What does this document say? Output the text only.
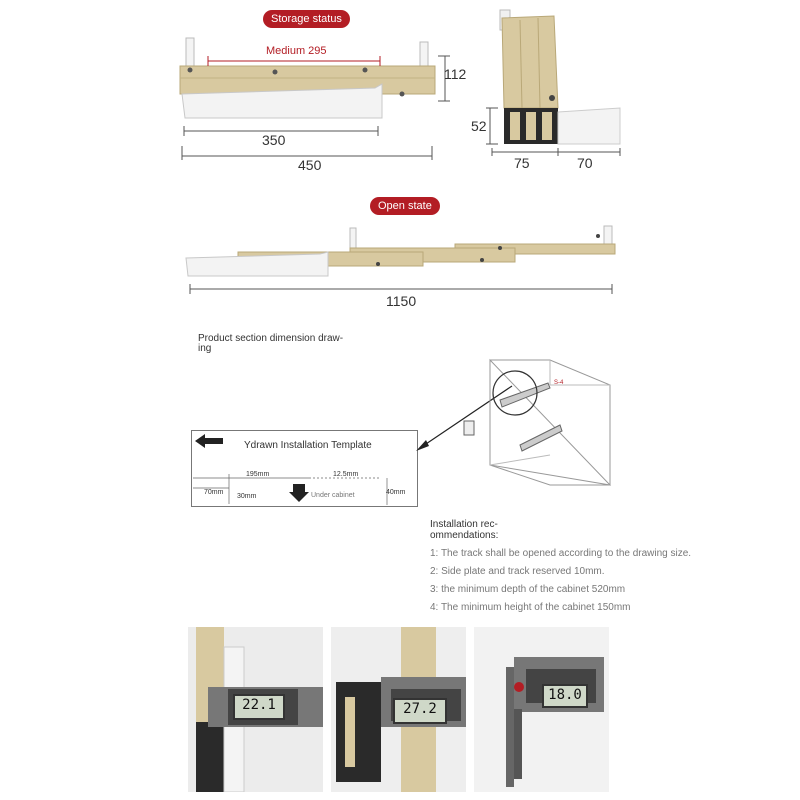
Storage status
Medium 295
350
450
112
52
75	70
Open state
1150
Product section dimension draw-
ing
Ydrawn Installation Template
195mm	12.5mm
70mm
30mm
40mm
Under cabinet
S-4
Installation rec-
ommendations:
1: The track shall be opened according to the drawing size.
2: Side plate and track reserved 10mm.
3: the minimum depth of the cabinet 520mm
4: The minimum height of the cabinet 150mm
22.1	27.2
18.0
